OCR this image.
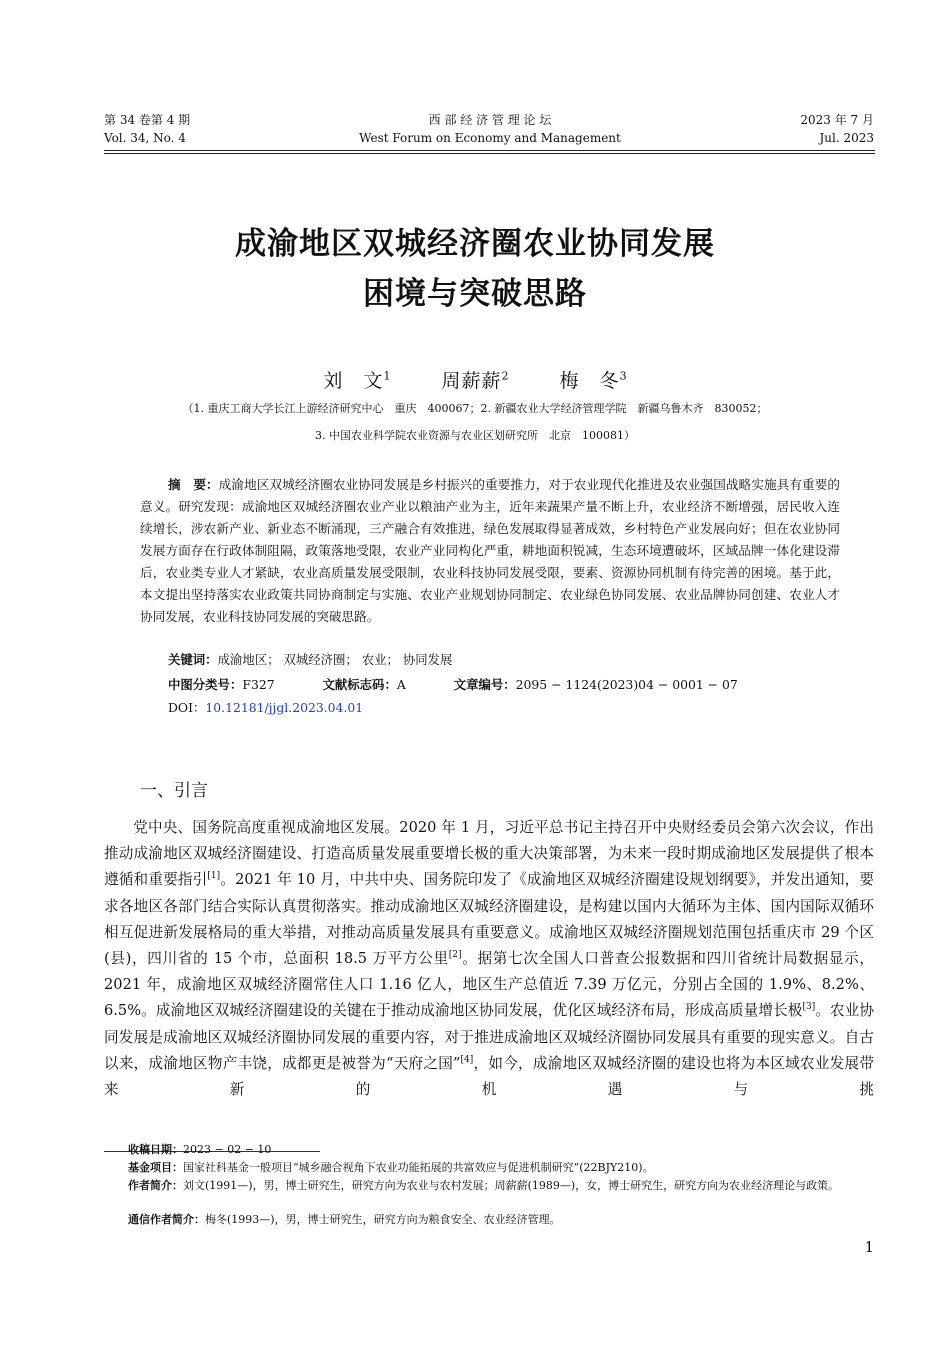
第 34 卷第 4 期
Vol. 34, No. 4
西 部 经 济 管 理 论 坛
West Forum on Economy and Management
2023 年 7 月
Jul. 2023
成渝地区双城经济圈农业协同发展
困境与突破思路
刘　文$^1$	周薪薪$^2$	梅　冬$^3$
（1. 重庆工商大学长江上游经济研究中心　重庆　400067；2. 新疆农业大学经济管理学院　新疆乌鲁木齐　830052；
3. 中国农业科学院农业资源与农业区划研究所　北京　100081）
摘　要：成渝地区双城经济圈农业协同发展是乡村振兴的重要推力，对于农业现代化推进及农业强国战略实施具有重要的意义。研究发现：成渝地区双城经济圈农业产业以粮油产业为主，近年来蔬果产量不断上升，农业经济不断增强，居民收入连续增长，涉农新产业、新业态不断涌现，三产融合有效推进，绿色发展取得显著成效，乡村特色产业发展向好；但在农业协同发展方面存在行政体制阻隔，政策落地受限，农业产业同构化严重，耕地面积锐减，生态环境遭破坏，区域品牌一体化建设滞后，农业类专业人才紧缺，农业高质量发展受限制，农业科技协同发展受限，要素、资源协同机制有待完善的困境。基于此，本文提出坚持落实农业政策共同协商制定与实施、农业产业规划协同制定、农业绿色协同发展、农业品牌协同创建、农业人才协同发展，农业科技协同发展的突破思路。
关键词：成渝地区； 双城经济圈； 农业； 协同发展
中图分类号：F327	文献标志码：A	文章编号：2095 − 1124(2023)04 − 0001 − 07
DOI：10.12181/jjgl.2023.04.01
一、引言
党中央、国务院高度重视成渝地区发展。2020 年 1 月，习近平总书记主持召开中央财经委员会第六次会议，作出推动成渝地区双城经济圈建设、打造高质量发展重要增长极的重大决策部署，为未来一段时期成渝地区发展提供了根本遵循和重要指引[1]。2021 年 10 月，中共中央、国务院印发了《成渝地区双城经济圈建设规划纲要》，并发出通知，要求各地区各部门结合实际认真贯彻落实。推动成渝地区双城经济圈建设，是构建以国内大循环为主体、国内国际双循环相互促进新发展格局的重大举措，对推动高质量发展具有重要意义。成渝地区双城经济圈规划范围包括重庆市 29 个区(县)，四川省的 15 个市，总面积 18.5 万平方公里[2]。据第七次全国人口普查公报数据和四川省统计局数据显示，2021 年，成渝地区双城经济圈常住人口 1.16 亿人，地区生产总值近 7.39 万亿元，分别占全国的 1.9%、8.2%、6.5%。成渝地区双城经济圈建设的关键在于推动成渝地区协同发展，优化区域经济布局，形成高质量增长极[3]。农业协同发展是成渝地区双城经济圈协同发展的重要内容，对于推进成渝地区双城经济圈协同发展具有重要的现实意义。自古以来，成渝地区物产丰饶，成都更是被誉为“天府之国”[4]，如今，成渝地区双城经济圈的建设也将为本区域农业发展带来新的机遇与挑
收稿日期：2023 − 02 − 10
基金项目：国家社科基金一般项目“城乡融合视角下农业功能拓展的共富效应与促进机制研究”(22BJY210)。
作者简介：刘文(1991—)，男，博士研究生，研究方向为农业与农村发展；周薪薪(1989—)，女，博士研究生，研究方向为农业经济理论与政策。
通信作者简介：梅冬(1993—)，男，博士研究生，研究方向为粮食安全、农业经济管理。
1
